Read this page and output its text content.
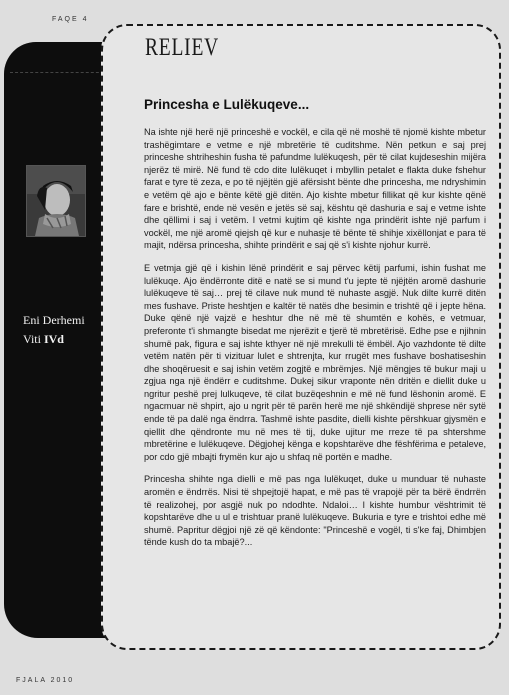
FAQE 4
Eni Derhemi
Viti IVd
RELIEV
Princesha e Lulëkuqeve...

Na ishte një herë një princeshë e vockël, e cila që në moshë të njomë kishte mbetur trashëgimtare e vetme e një mbretërie të cuditshme. Nën petkun e saj prej princeshe shtriheshin fusha të pafundme lulëkuqesh, për të cilat kujdeseshin mijëra njerëz të mirë. Në fund të cdo dite lulëkuqet i mbyllin petalet e flakta duke fshehur farat e tyre të zeza, e po të njëjtën gjë afërsisht bënte dhe princesha, me ndryshimin e vetëm që ajo e bënte këtë gjë ditën. Ajo kishte mbetur fillikat që kur kishte qënë fare e brishtë, ende në vesën e jetës së saj, kështu që dashuria e saj e vetme ishte dhe qëllimi i saj i vetëm. I vetmi kujtim që kishte nga prindërit ishte një parfum i vockël, me një aromë qiejsh që kur e nuhasje të bënte të shihje xixëllonjat e para të majit, ndërsa princesha, shihte prindërit e saj që s'i kishte njohur kurrë.

E vetmja gjë që i kishin lënë prindërit e saj përvec këtij parfumi, ishin fushat me lulëkuqe. Ajo ëndërronte ditë e natë se si mund t'u jepte të njëjtën aromë dashurie lulëkuqeve të saj… prej të cilave nuk mund të nuhaste asgjë. Nuk dilte kurrë ditën mes fushave. Priste heshtjen e kaltër të natës dhe besimin e trishtë që i jepte hëna. Duke qënë një vajzë e heshtur dhe në më të shumtën e kohës, e vetmuar, preferonte t'i shmangte bisedat me njerëzit e tjerë të mbretërisë. Edhe pse e njihnin shumë pak, figura e saj ishte kthyer në një mrekulli të ëmbël. Ajo vazhdonte të dilte vetëm natën për ti vizituar lulet e shtrenjta, kur rrugët mes fushave boshatiseshin dhe shoqëruesit e saj ishin vetëm zogjtë e mbrëmjes. Një mëngjes të bukur maji u zgjua nga një ëndërr e cuditshme. Dukej sikur vraponte nën dritën e diellit duke u ngritur peshë prej lulkuqeve, të cilat buzëqeshnin e më në fund lëshonin aromë. E ngacmuar në shpirt, ajo u ngrit për të parën herë me një shkëndijë shprese nër sytë ende të pa dalë nga ëndrra. Tashmë ishte pasdite, dielli kishte përshkuar gjysmën e qiellit dhe qëndronte mu në mes të tij, duke ujitur me rreze të pa shtershme mbretërine e lulëkuqeve. Dëgjohej kënga e kopshtarëve dhe fëshfërima e petaleve, por cdo gjë mbajti frymën kur ajo u shfaq në portën e madhe.

Princesha shihte nga dielli e më pas nga lulëkuqet, duke u munduar të nuhaste aromën e ëndrrës. Nisi të shpejtojë hapat, e më pas të vrapojë për ta bërë ëndrrën të realizohej, por asgjë nuk po ndodhte. Ndaloi… I kishte humbur vështrimit të kopshtarëve dhe u ul e trishtuar pranë lulëkuqeve. Bukuria e tyre e trishtoi edhe më shumë. Papritur dëgjoi një zë që këndonte: "Princeshë e vogël, ti s'ke faj, Dhimbjen tënde kush do ta mbajë?...

FJALA 2010
